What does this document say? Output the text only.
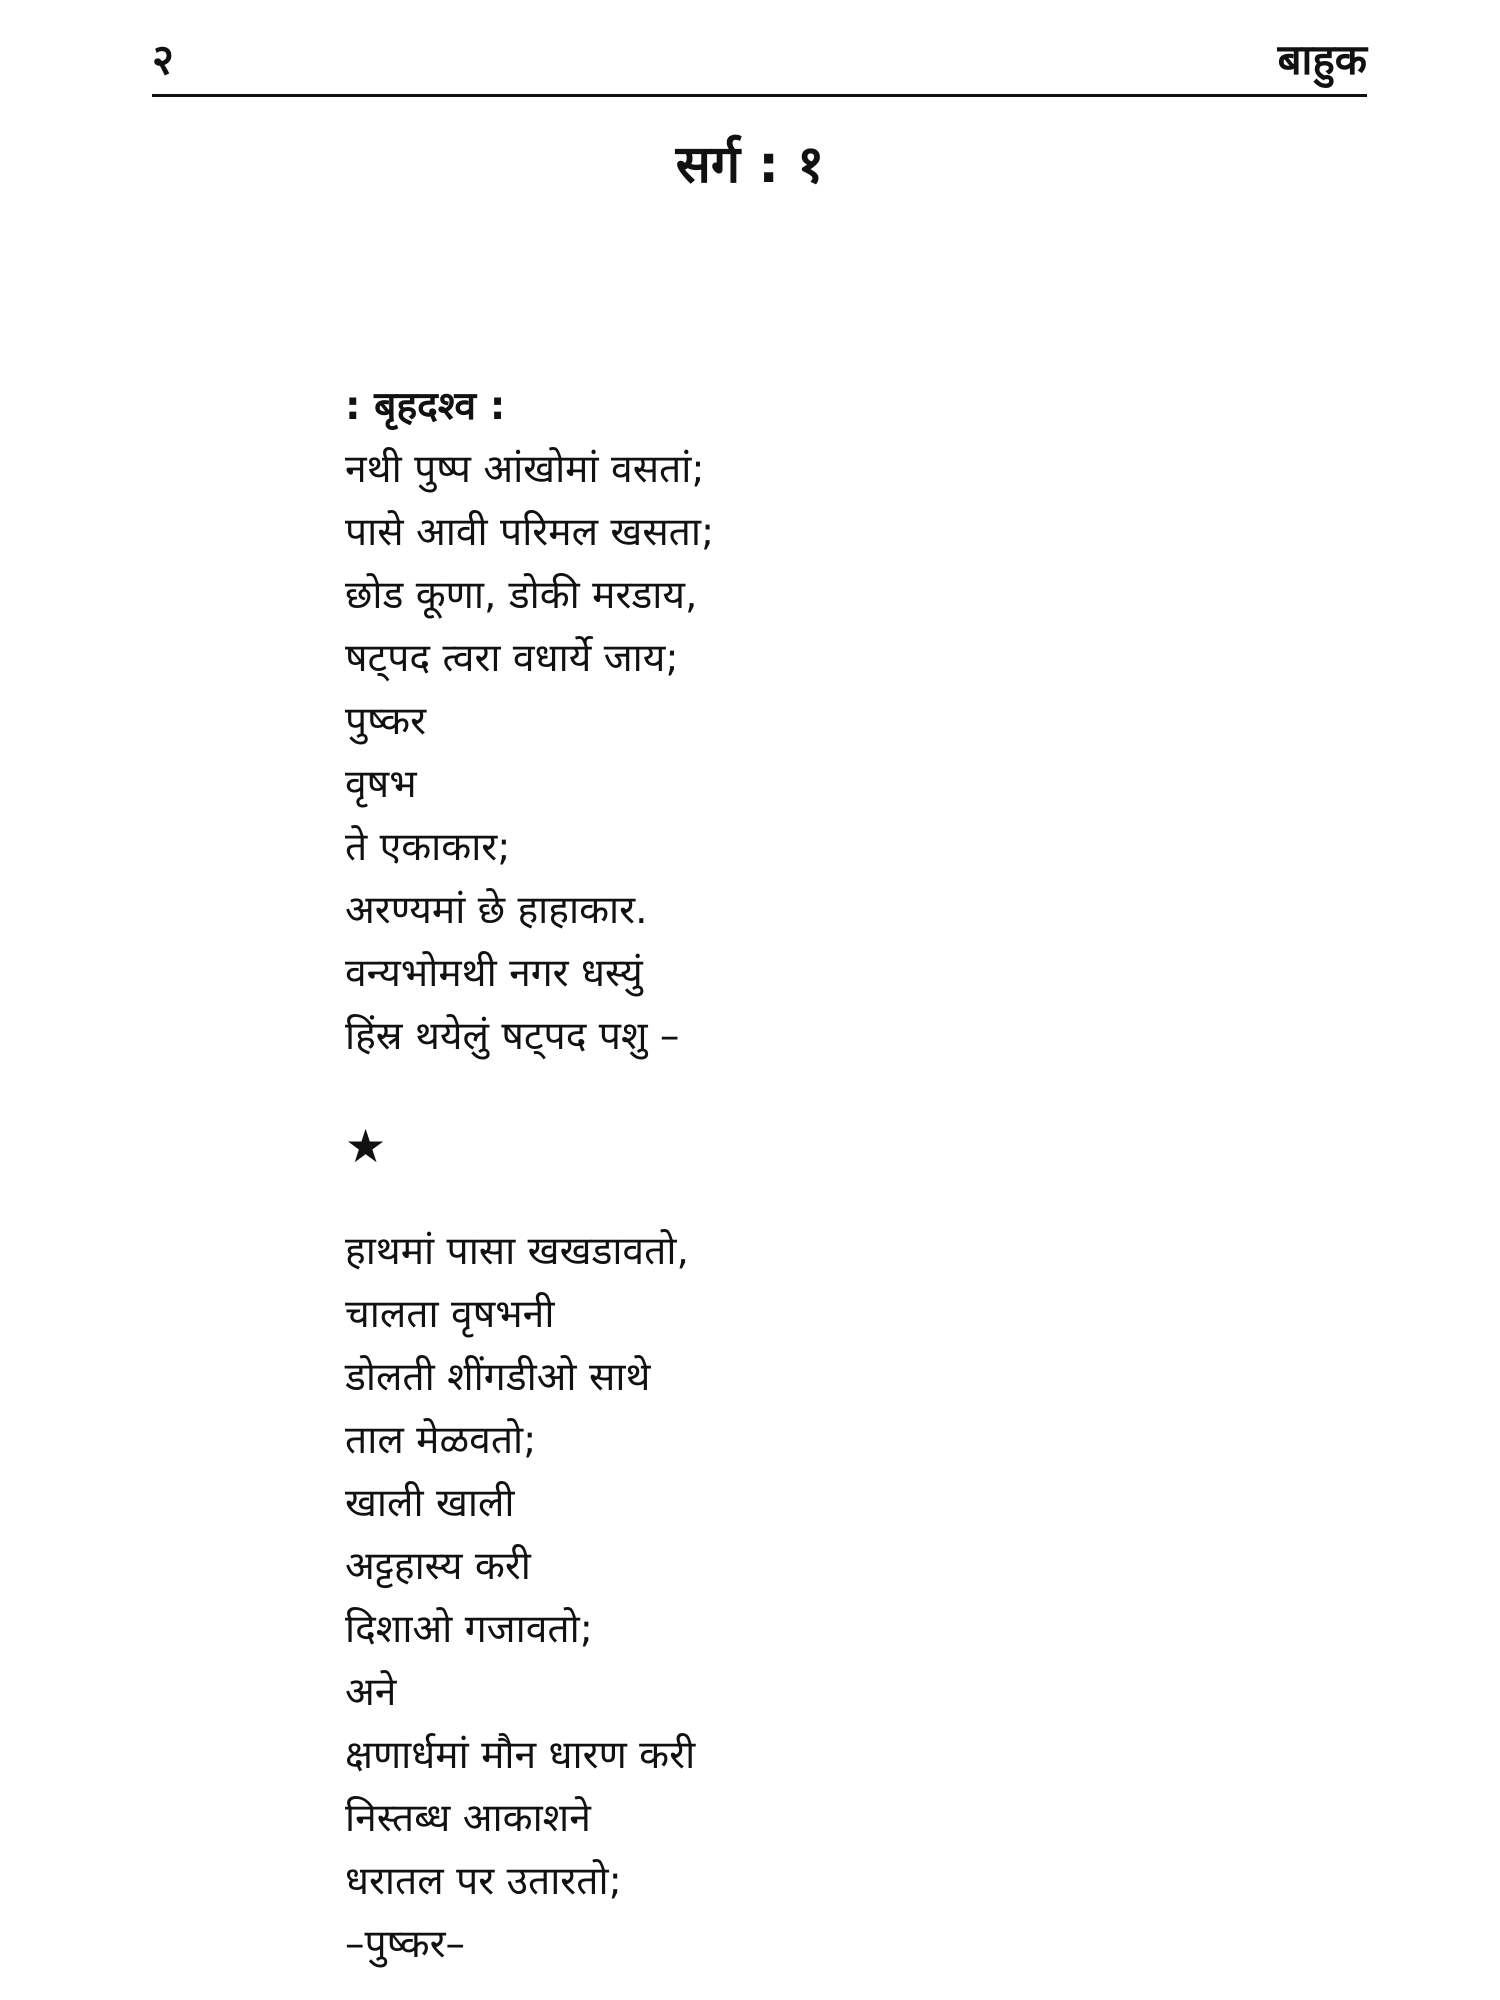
२	बाहुक
सर्ग : १
: बृहदश्व :
नथी पुष्प आंखोमां वसतां;
पासे आवी परिमल खसता;
छोड कूणा, डोकी मरडाय,
षट्पद त्वरा वधार्ये जाय;
पुष्कर
वृषभ
ते एकाकार;
अरण्यमां छे हाहाकार.
वन्यभोमथी नगर धस्युं
हिंस्र थयेलुं षट्पद पशु –
★
हाथमां पासा खखडावतो,
चालता वृषभनी
डोलती शींगडीओ साथे
ताल मेळवतो;
खाली खाली
अट्टहास्य करी
दिशाओ गजावतो;
अने
क्षणार्धमां मौन धारण करी
निस्तब्ध आकाशने
धरातल पर उतारतो;
–पुष्कर–
